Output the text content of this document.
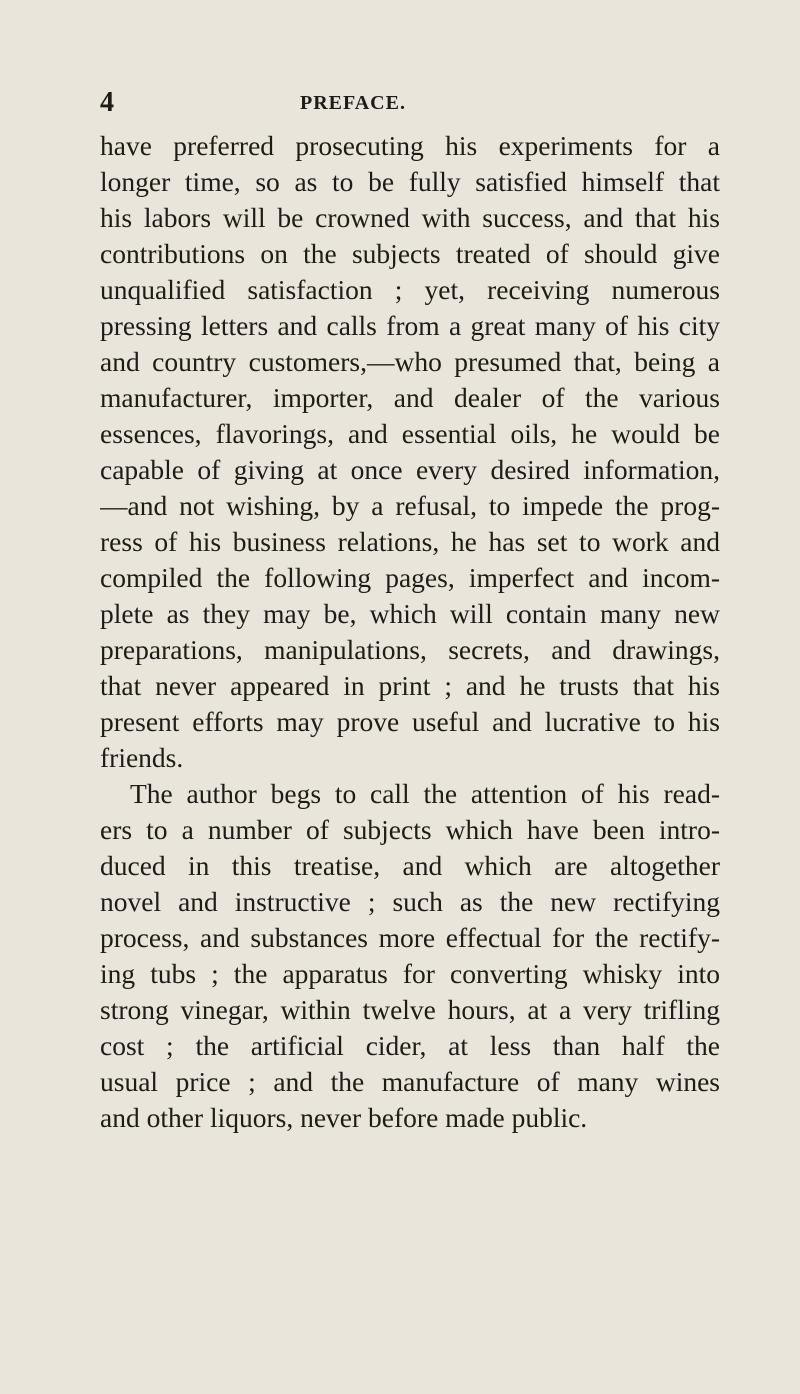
4	PREFACE.
have preferred prosecuting his experiments for a
longer time, so as to be fully satisfied himself that
his labors will be crowned with success, and that his
contributions on the subjects treated of should give
unqualified satisfaction ; yet, receiving numerous
pressing letters and calls from a great many of his city
and country customers,—who presumed that, being a
manufacturer, importer, and dealer of the various
essences, flavorings, and essential oils, he would be
capable of giving at once every desired information,
—and not wishing, by a refusal, to impede the prog-
ress of his business relations, he has set to work and
compiled the following pages, imperfect and incom-
plete as they may be, which will contain many new
preparations, manipulations, secrets, and drawings,
that never appeared in print ; and he trusts that his
present efforts may prove useful and lucrative to his
friends.
The author begs to call the attention of his read-
ers to a number of subjects which have been intro-
duced in this treatise, and which are altogether
novel and instructive ; such as the new rectifying
process, and substances more effectual for the rectify-
ing tubs ; the apparatus for converting whisky into
strong vinegar, within twelve hours, at a very trifling
cost ; the artificial cider, at less than half the
usual price ; and the manufacture of many wines
and other liquors, never before made public.
